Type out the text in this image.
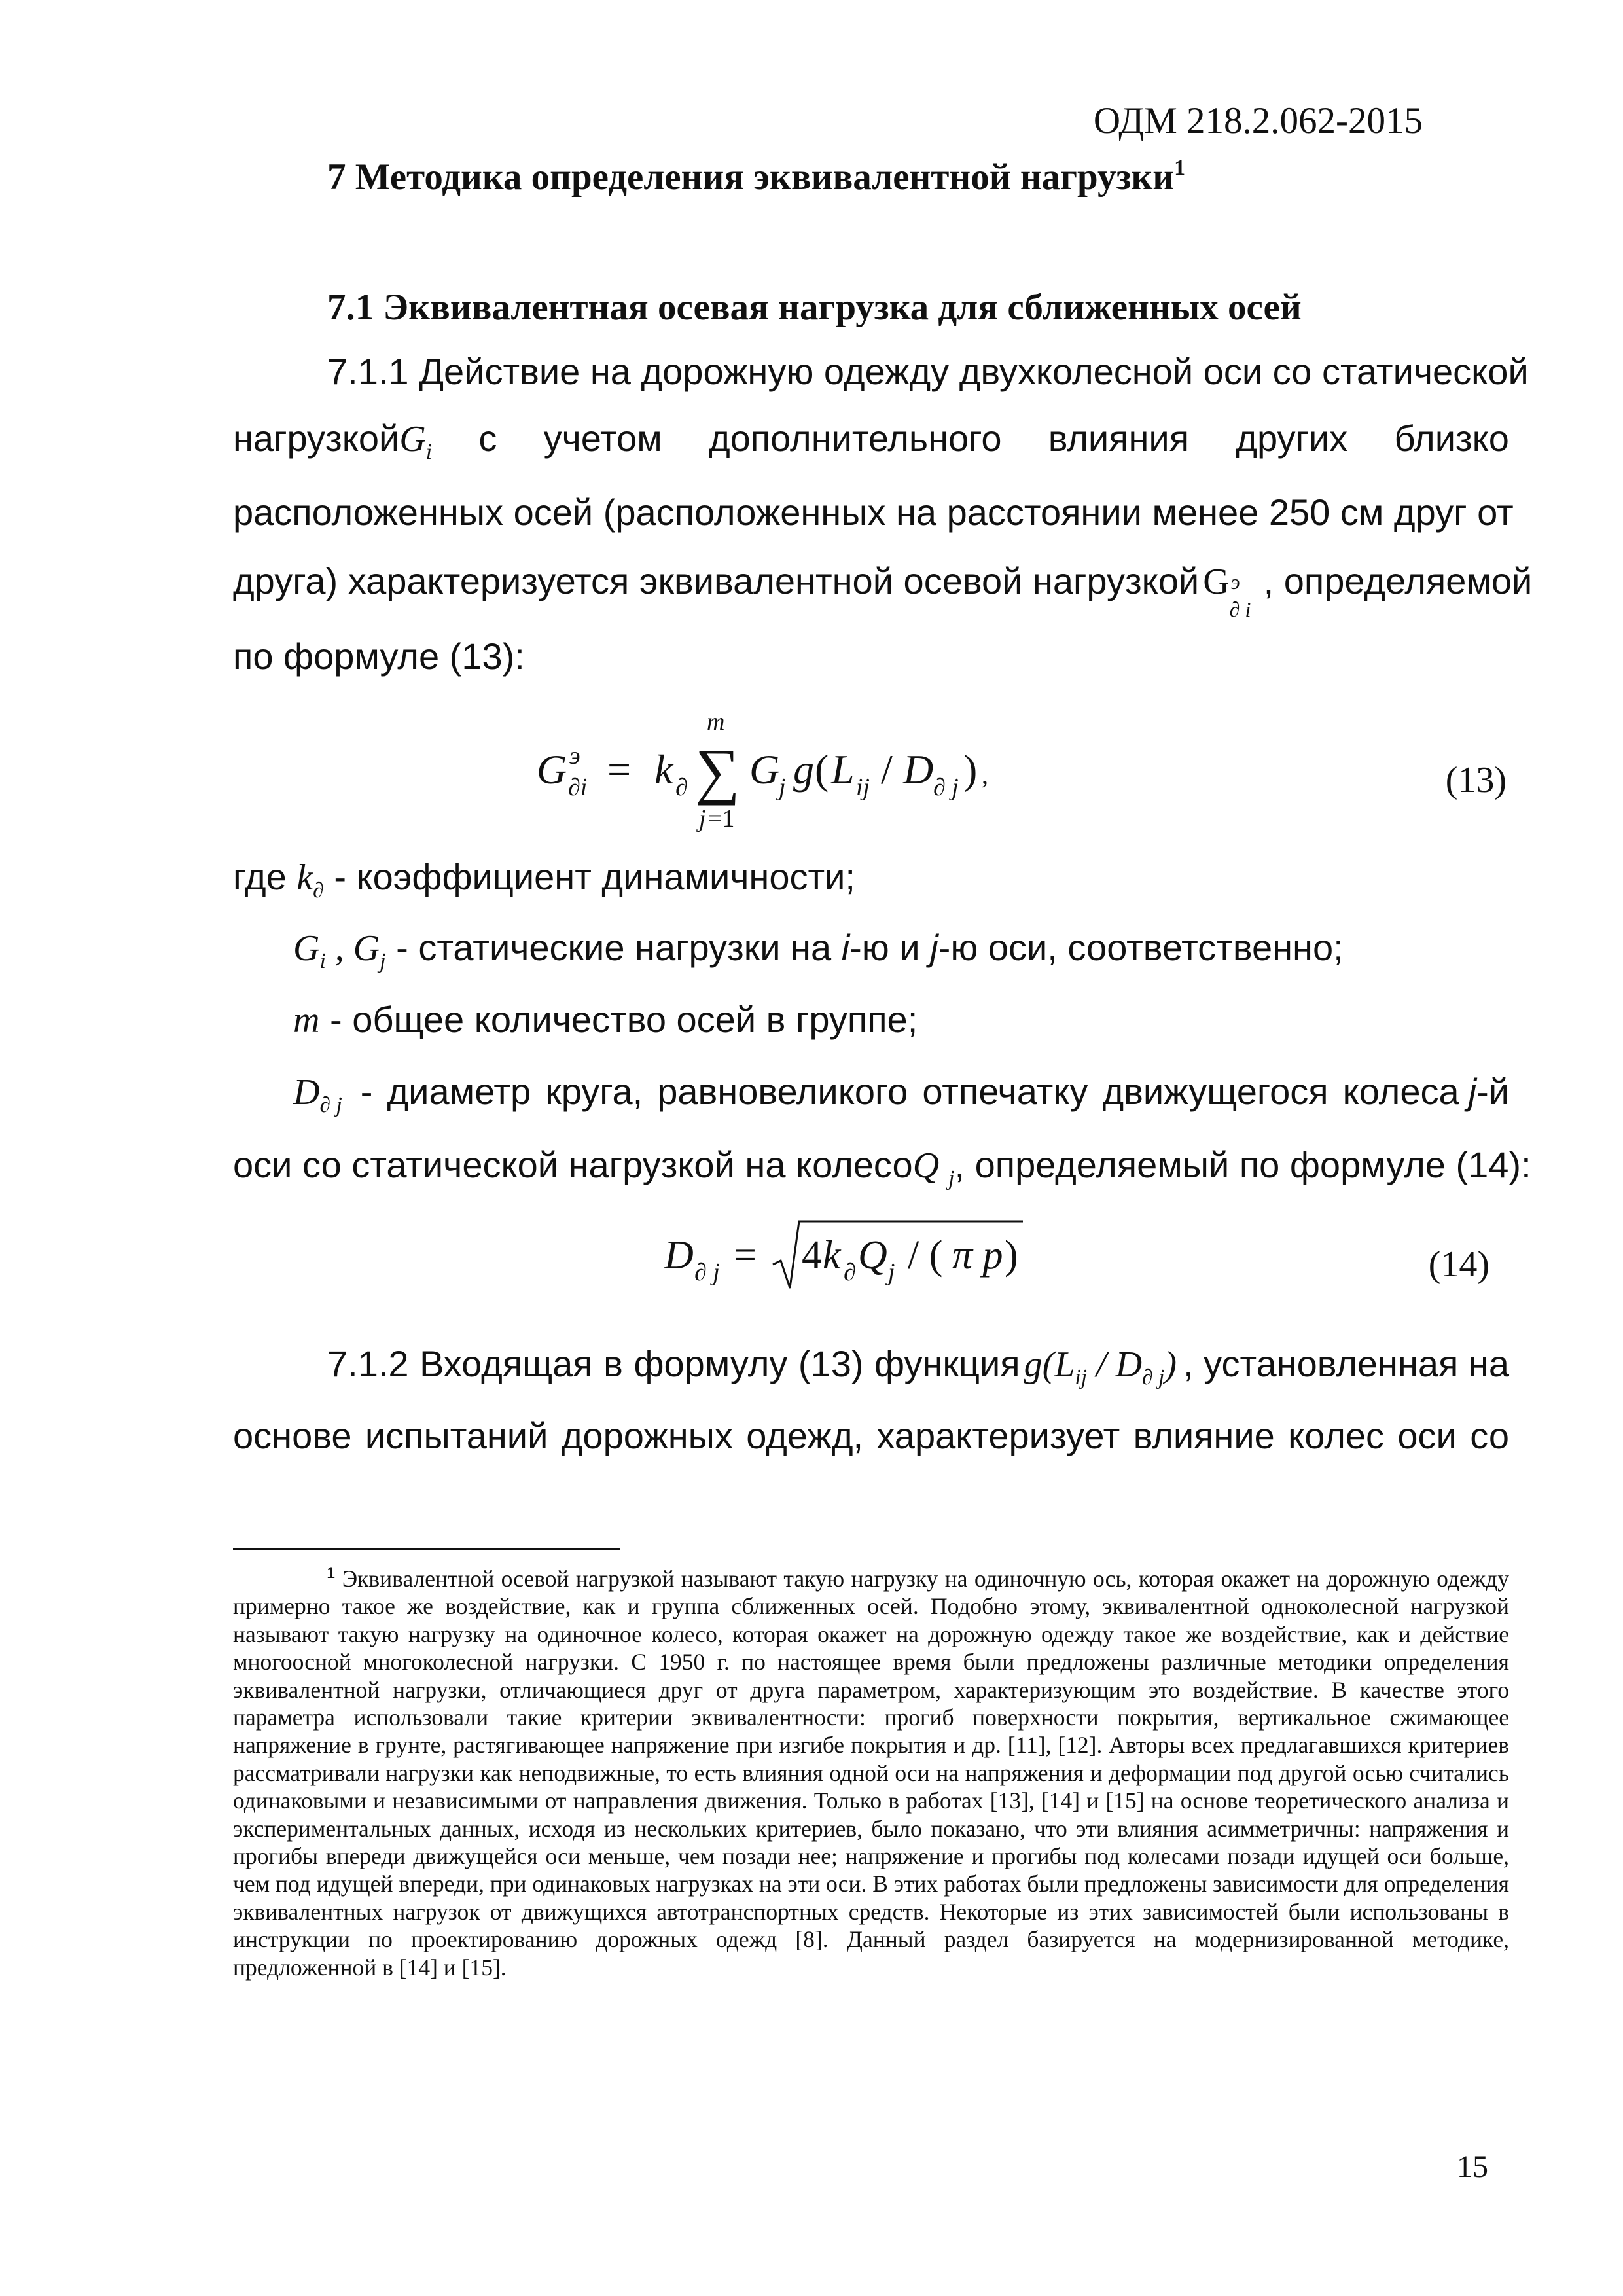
ОДМ 218.2.062-2015
7 Методика определения эквивалентной нагрузки$^1$
7.1 Эквивалентная осевая нагрузка для сближенных осей
7.1.1 Действие на дорожную одежду двухколесной оси со статической
нагрузкойG$_i$ с учетом дополнительного влияния других близко
расположенных осей (расположенных на расстоянии менее 250 см друг от
друга) характеризуется эквивалентной осевой нагрузкой G э
∂ i
, определяемой
по формуле (13):
G э
∂i = k ∂ ∑
m
j =1
G
j g ( L ij / D ∂ j ) ,	(13)
где $k_\partial$ - коэффициент динамичности;
$G_i$ , $G_j$ - статические нагрузки на i-ю и j-ю оси, соответственно;
m - общее количество осей в группе;
$D_{\partial j}$ - диаметр круга, равновеликого отпечатку движущегося колеса j -й
оси со статической нагрузкой на колесоQ $_j$, определяемый по формуле (14):
D ∂ j = 4 k ∂ Q j / ( π p )	(14)
7.1.2 Входящая в формулу (13) функция $g(L_{ij} / D_{\partial j})$ , установленная на
основе испытаний дорожных одежд, характеризует влияние колес оси со

$^1$ Эквивалентной осевой нагрузкой называют такую нагрузку на одиночную ось, которая окажет на дорожную одежду примерно такое же воздействие, как и группа сближенных осей. Подобно этому, эквивалентной одноколесной нагрузкой называют такую нагрузку на одиночное колесо, которая окажет на дорожную одежду такое же воздействие, как и действие многоосной многоколесной нагрузки. С 1950 г. по настоящее время были предложены различные методики определения эквивалентной нагрузки, отличающиеся друг от друга параметром, характеризующим это воздействие. В качестве этого параметра использовали такие критерии эквивалентности: прогиб поверхности покрытия, вертикальное сжимающее напряжение в грунте, растягивающее напряжение при изгибе покрытия и др. [11], [12]. Авторы всех предлагавшихся критериев рассматривали нагрузки как неподвижные, то есть влияния одной оси на напряжения и деформации под другой осью считались одинаковыми и независимыми от направления движения. Только в работах [13], [14] и [15] на основе теоретического анализа и экспериментальных данных, исходя из нескольких критериев, было показано, что эти влияния асимметричны: напряжения и прогибы впереди движущейся оси меньше, чем позади нее; напряжение и прогибы под колесами позади идущей оси больше, чем под идущей впереди, при одинаковых нагрузках на эти оси. В этих работах были предложены зависимости для определения эквивалентных нагрузок от движущихся автотранспортных средств. Некоторые из этих зависимостей были использованы в инструкции по проектированию дорожных одежд [8]. Данный раздел базируется на модернизированной методике, предложенной в [14] и [15].

15
